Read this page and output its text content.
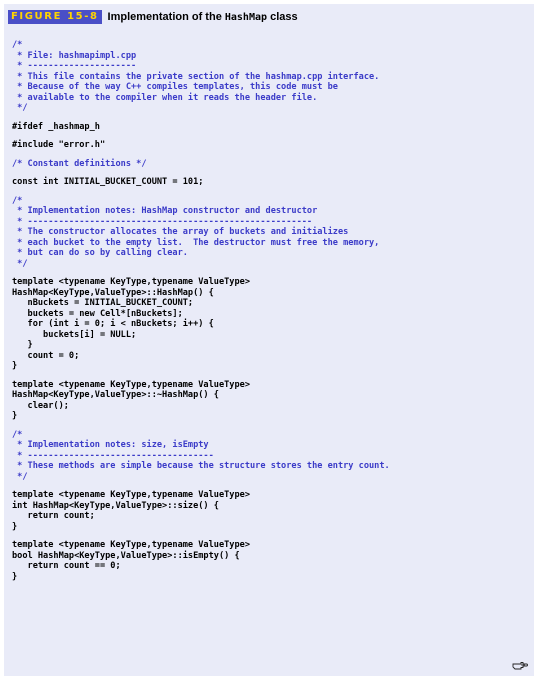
FIGURE 15-8 Implementation of the HashMap class
/*
* File: hashmapimpl.cpp
* ---------------------
* This file contains the private section of the hashmap.cpp interface.
* Because of the way C++ compiles templates, this code must be
* available to the compiler when it reads the header file.
*/
#ifdef _hashmap_h
#include "error.h"
/* Constant definitions */
const int INITIAL_BUCKET_COUNT = 101;
/*
* Implementation notes: HashMap constructor and destructor
* -------------------------------------------------------
* The constructor allocates the array of buckets and initializes
* each bucket to the empty list.  The destructor must free the memory,
* but can do so by calling clear.
*/
template <typename KeyType,typename ValueType>
HashMap<KeyType,ValueType>::HashMap() {
nBuckets = INITIAL_BUCKET_COUNT;
buckets = new Cell*[nBuckets];
for (int i = 0; i < nBuckets; i++) {
buckets[i] = NULL;
}
count = 0;
}
template <typename KeyType,typename ValueType>
HashMap<KeyType,ValueType>::~HashMap() {
clear();
}
/*
* Implementation notes: size, isEmpty
* ------------------------------------
* These methods are simple because the structure stores the entry count.
*/
template <typename KeyType,typename ValueType>
int HashMap<KeyType,ValueType>::size() {
return count;
}
template <typename KeyType,typename ValueType>
bool HashMap<KeyType,ValueType>::isEmpty() {
return count == 0;
}
